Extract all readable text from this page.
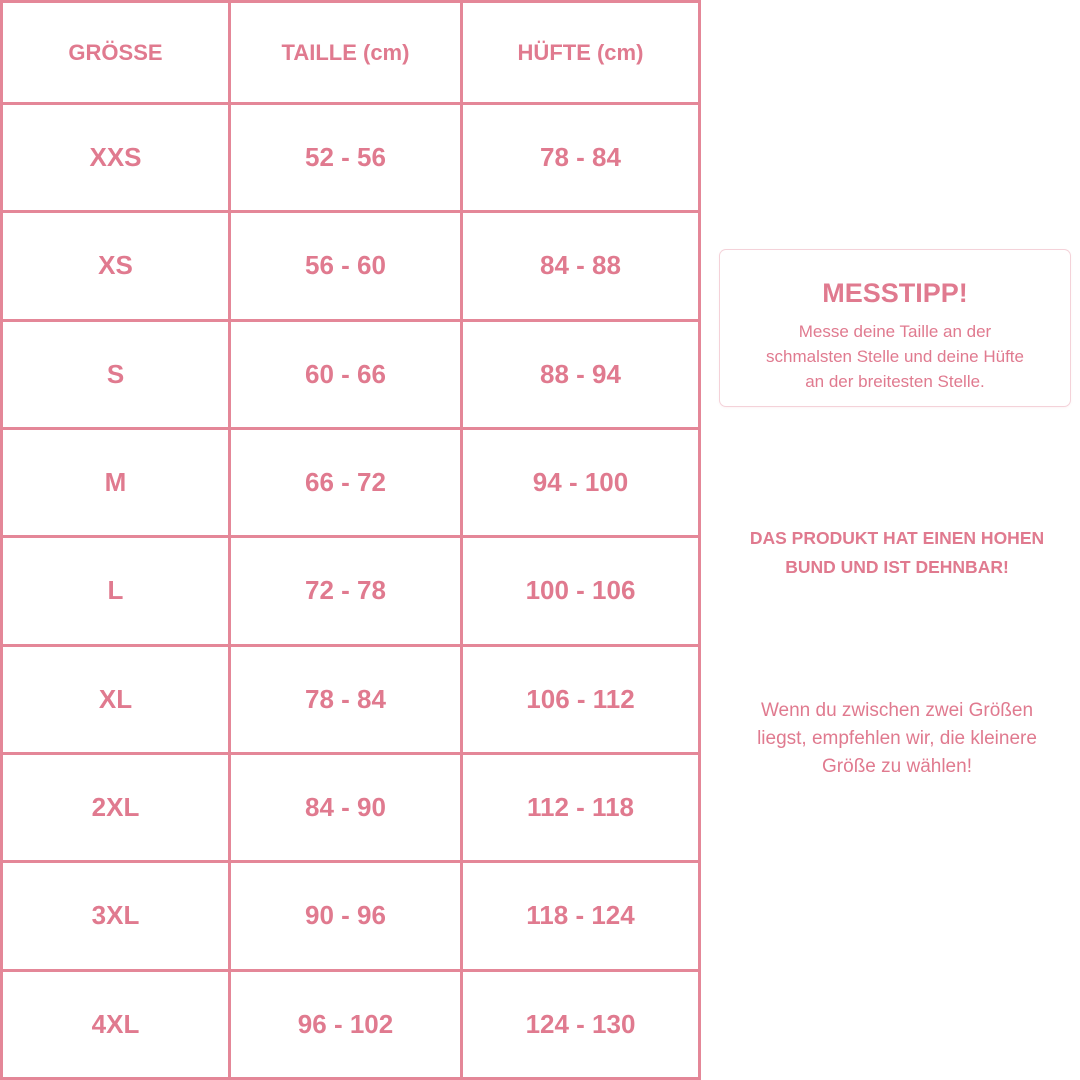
GRÖSSE	TAILLE (cm)	HÜFTE (cm)
XXS	52 - 56	78 - 84
XS	56 - 60	84 - 88
S	60 - 66	88 - 94
M	66 - 72	94 - 100
L	72 - 78	100 - 106
XL	78 - 84	106 - 112
2XL	84 - 90	112 - 118
3XL	90 - 96	118 - 124
4XL	96 - 102	124 - 130
MESSTIPP!
Messe deine Taille an der
schmalsten Stelle und deine Hüfte
an der breitesten Stelle.
DAS PRODUKT HAT EINEN HOHEN
BUND UND IST DEHNBAR!
Wenn du zwischen zwei Größen
liegst, empfehlen wir, die kleinere
Größe zu wählen!
